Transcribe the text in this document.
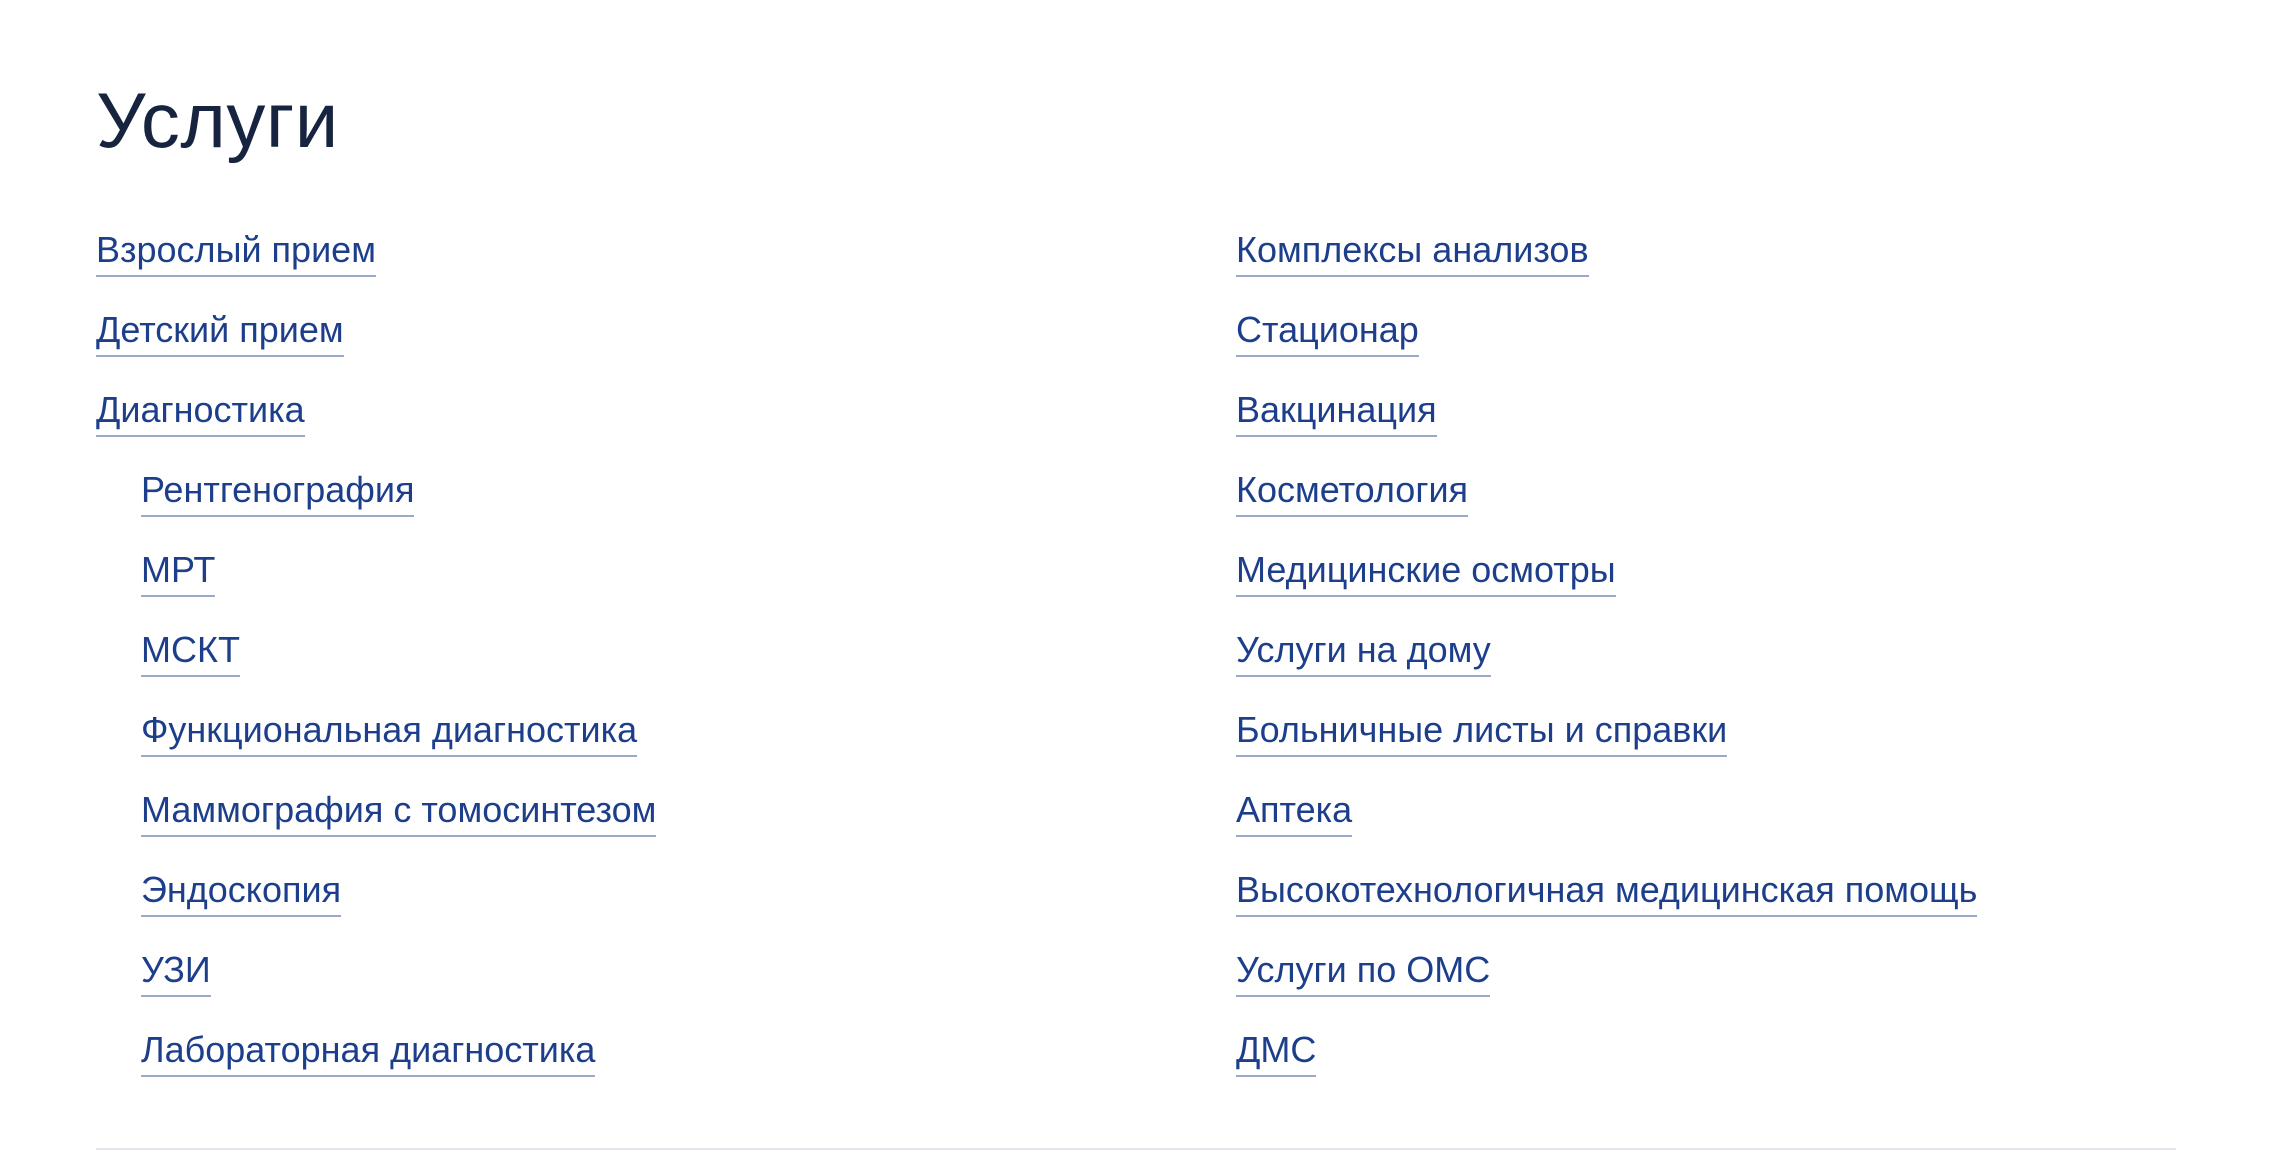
Услуги
Взрослый прием
Детский прием
Диагностика
Рентгенография
МРТ
МСКТ
Функциональная диагностика
Маммография с томосинтезом
Эндоскопия
УЗИ
Лабораторная диагностика
Комплексы анализов
Стационар
Вакцинация
Косметология
Медицинские осмотры
Услуги на дому
Больничные листы и справки
Аптека
Высокотехнологичная медицинская помощь
Услуги по ОМС
ДМС
